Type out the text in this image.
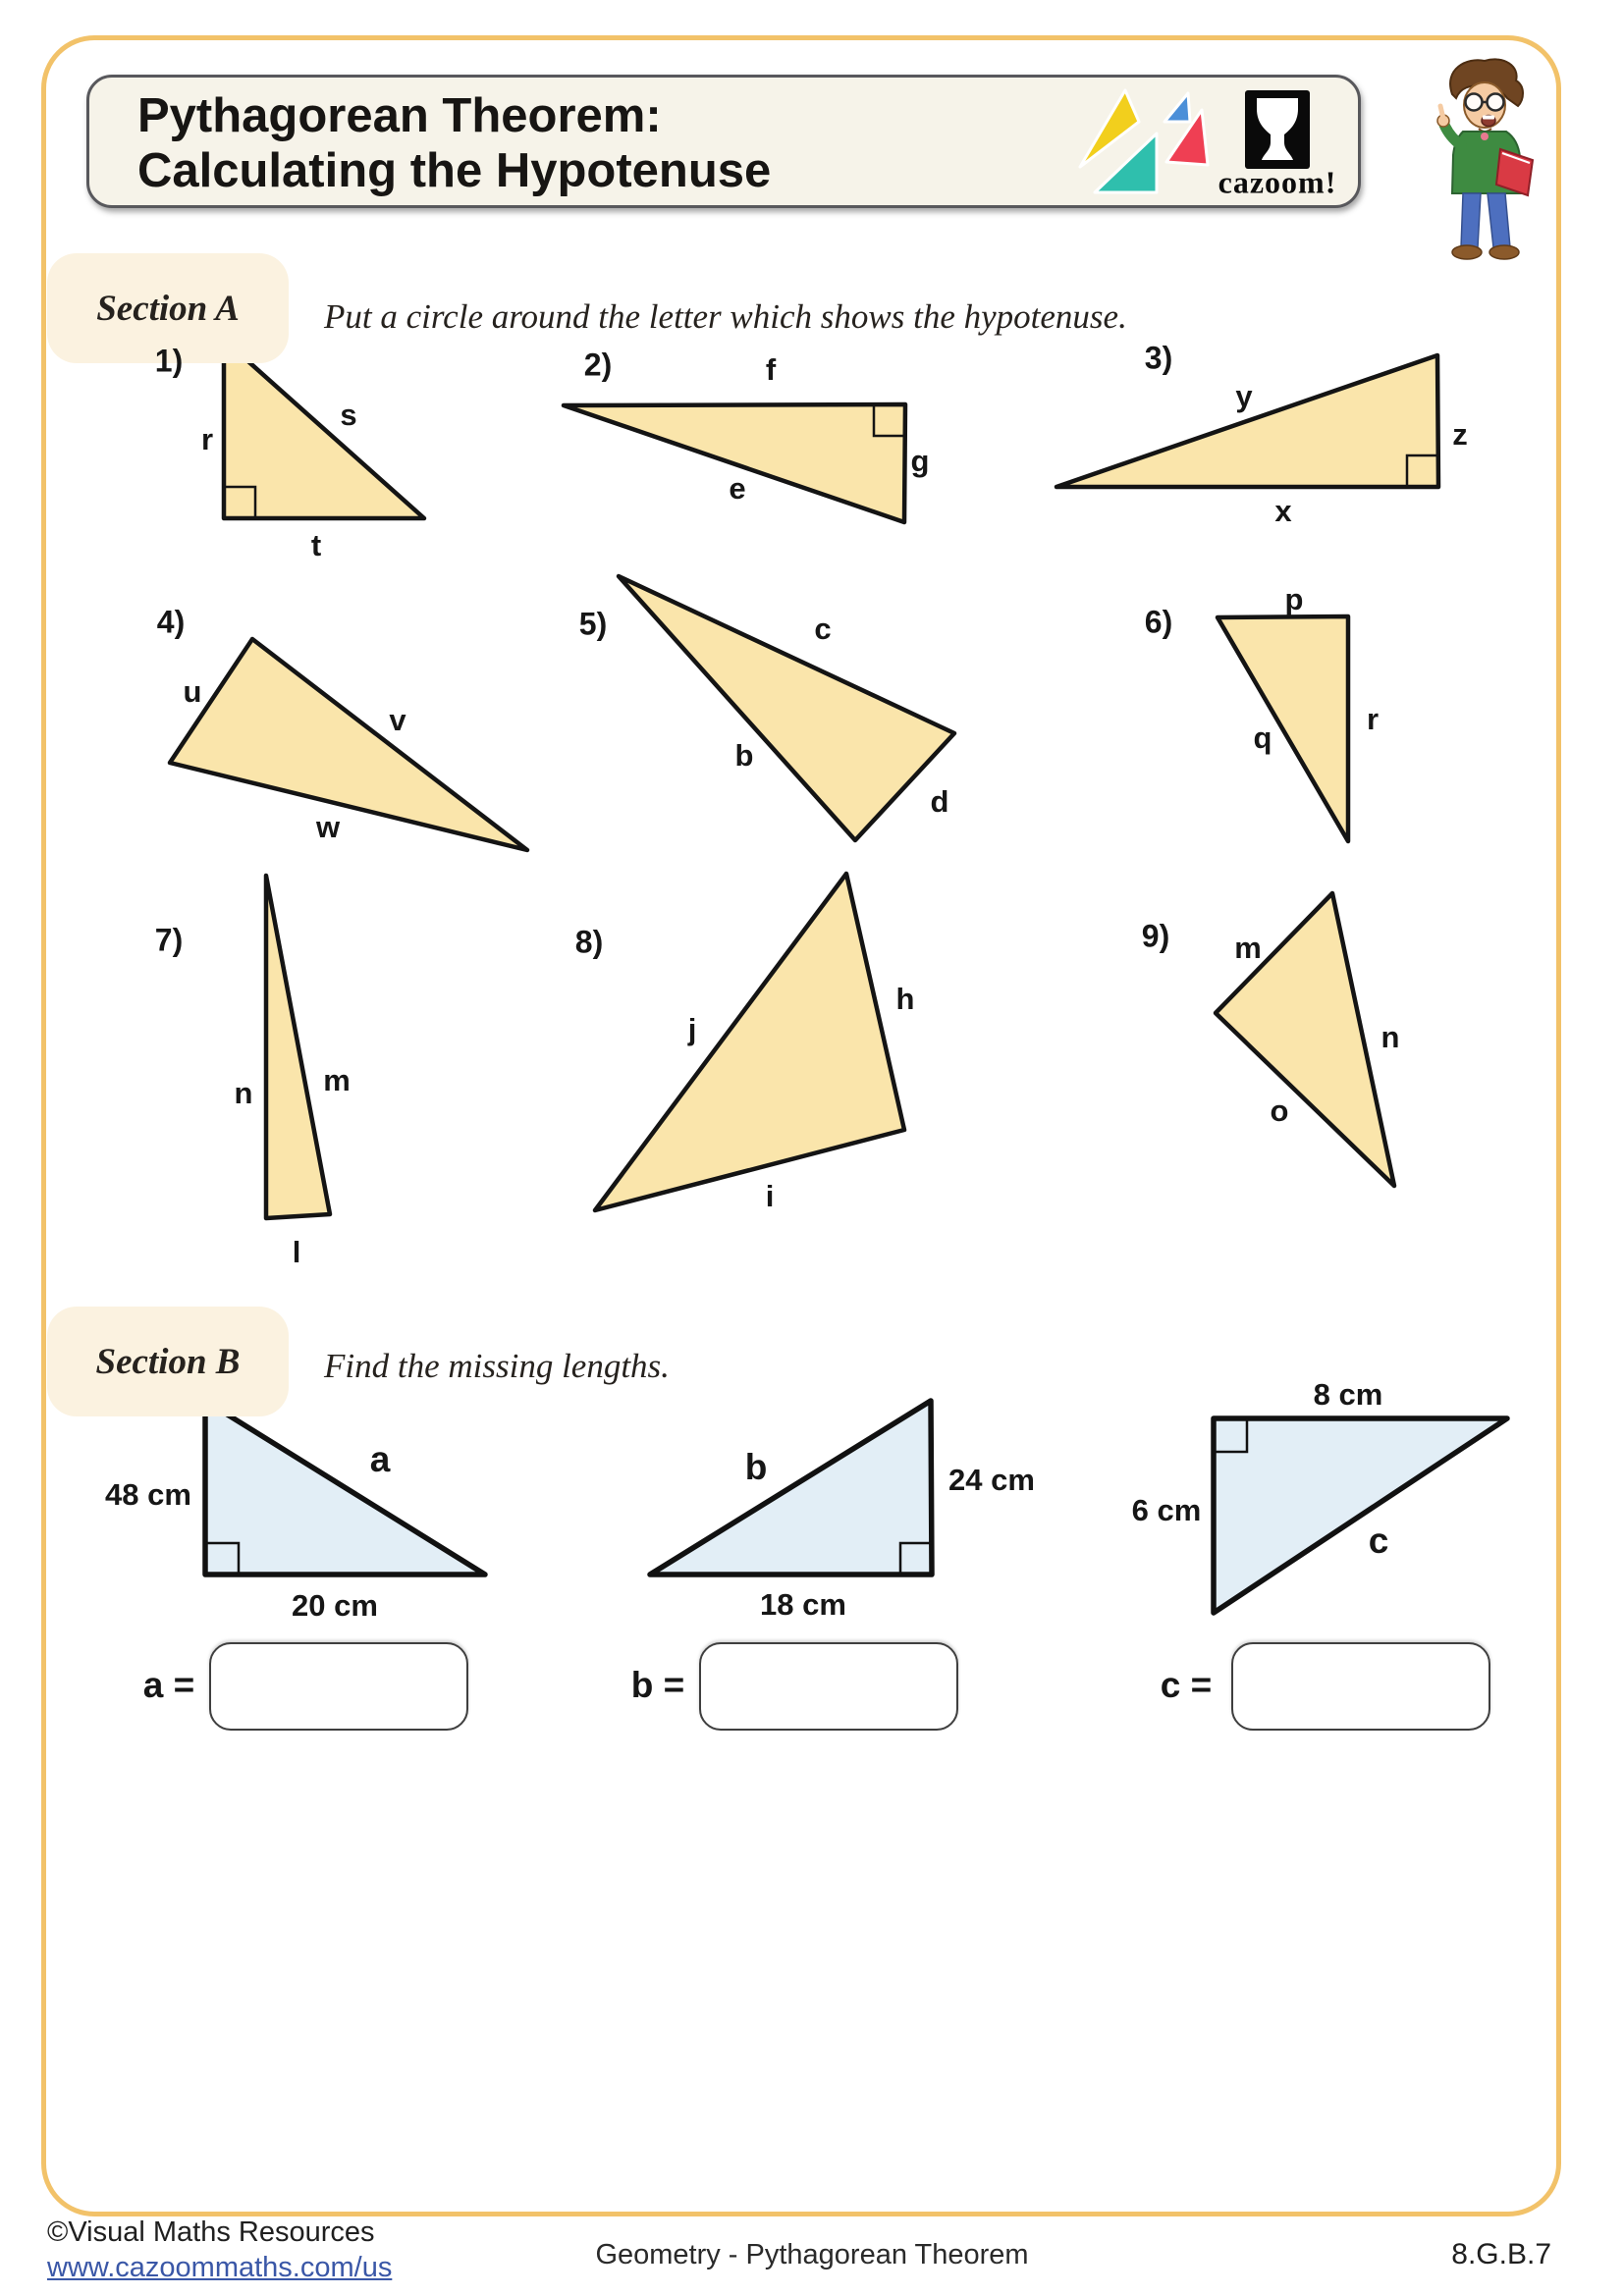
Pythagorean Theorem:
Calculating the Hypotenuse	cazoom!
Section A Put a circle around the letter which shows the hypotenuse.
1)	2)	3)
4)	5)	6)
7)	8)	9)
r
s
t
f
e
g
y
z
x
u
v
w
c
b
d
p
q
r
n m
l
j
h
i
m
n
o
Section B Find the missing lengths.
48 cm
a
20 cm
b	24 cm
18 cm
8 cm
6 cm
c
a =	b =	c =
©Visual Maths Resources
www.cazoommaths.com/us	Geometry - Pythagorean Theorem	8.G.B.7
